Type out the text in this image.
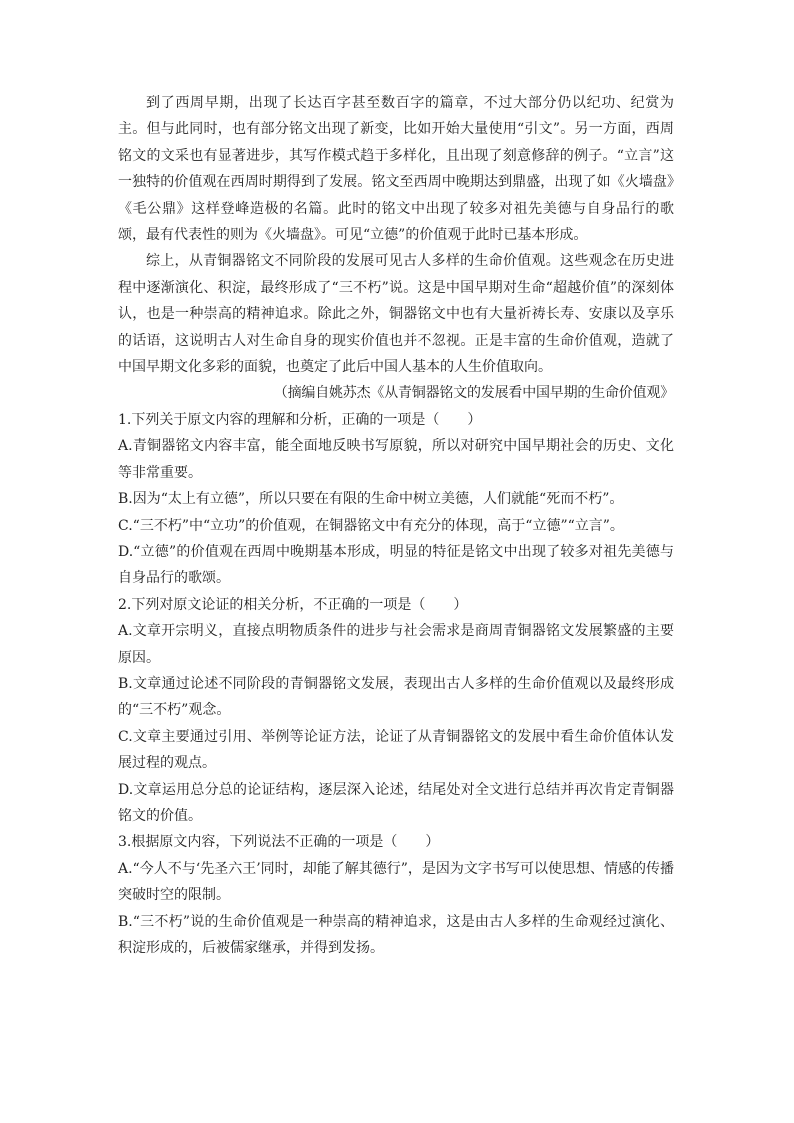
到了西周早期，出现了长达百字甚至数百字的篇章，不过大部分仍以纪功、纪赏为主。但与此同时，也有部分铭文出现了新变，比如开始大量使用“引文”。另一方面，西周铭文的文采也有显著进步，其写作模式趋于多样化，且出现了刻意修辞的例子。“立言”这一独特的价值观在西周时期得到了发展。铭文至西周中晚期达到鼎盛，出现了如《火墙盘》《毛公鼎》这样登峰造极的名篇。此时的铭文中出现了较多对祖先美德与自身品行的歌颂，最有代表性的则为《火墙盘》。可见“立德”的价值观于此时已基本形成。

综上，从青铜器铭文不同阶段的发展可见古人多样的生命价值观。这些观念在历史进程中逐渐演化、积淀，最终形成了“三不朽”说。这是中国早期对生命“超越价值”的深刻体认，也是一种崇高的精神追求。除此之外，铜器铭文中也有大量祈祷长寿、安康以及享乐的话语，这说明古人对生命自身的现实价值也并不忽视。正是丰富的生命价值观，造就了中国早期文化多彩的面貌，也奠定了此后中国人基本的人生价值取向。

（摘编自姚苏杰《从青铜器铭文的发展看中国早期的生命价值观》

1.下列关于原文内容的理解和分析，正确的一项是（　　）

A.青铜器铭文内容丰富，能全面地反映书写原貌，所以对研究中国早期社会的历史、文化等非常重要。

B.因为“太上有立德”，所以只要在有限的生命中树立美德，人们就能“死而不朽”。

C.“三不朽”中“立功”的价值观，在铜器铭文中有充分的体现，高于“立德”“立言”。

D.“立德”的价值观在西周中晚期基本形成，明显的特征是铭文中出现了较多对祖先美德与自身品行的歌颂。

2.下列对原文论证的相关分析，不正确的一项是（　　）

A.文章开宗明义，直接点明物质条件的进步与社会需求是商周青铜器铭文发展繁盛的主要原因。

B.文章通过论述不同阶段的青铜器铭文发展，表现出古人多样的生命价值观以及最终形成的“三不朽”观念。

C.文章主要通过引用、举例等论证方法，论证了从青铜器铭文的发展中看生命价值体认发展过程的观点。

D.文章运用总分总的论证结构，逐层深入论述，结尾处对全文进行总结并再次肯定青铜器铭文的价值。

3.根据原文内容，下列说法不正确的一项是（　　）

A.“今人不与‘先圣六王’同时，却能了解其德行”，是因为文字书写可以使思想、情感的传播突破时空的限制。

B.“三不朽”说的生命价值观是一种崇高的精神追求，这是由古人多样的生命观经过演化、积淀形成的，后被儒家继承，并得到发扬。
